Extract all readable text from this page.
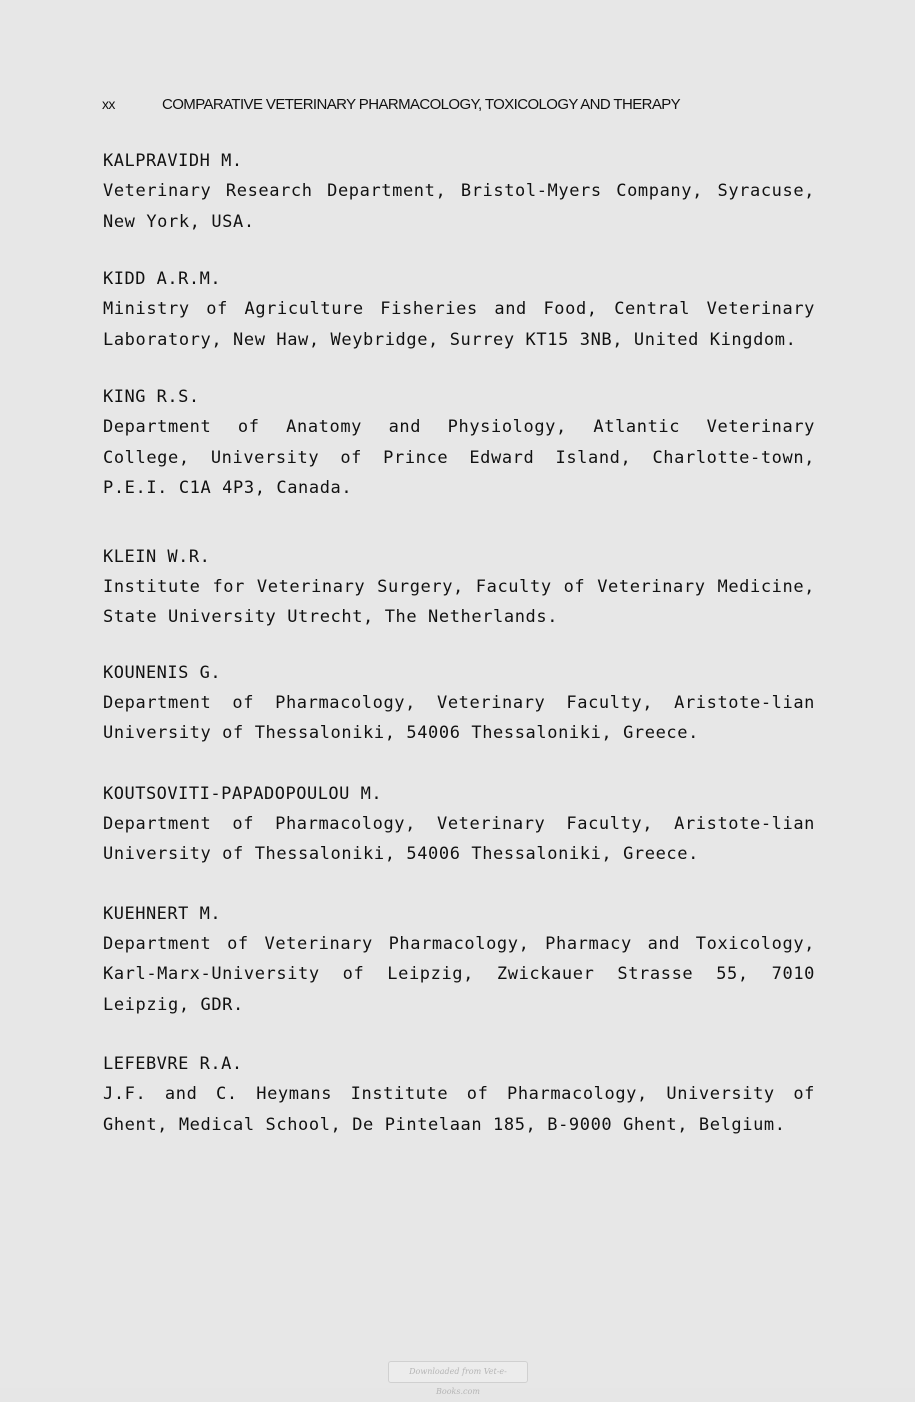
xx	COMPARATIVE VETERINARY PHARMACOLOGY, TOXICOLOGY AND THERAPY

KALPRAVIDH M.

Veterinary Research Department, Bristol-Myers Company, Syracuse, New York, USA.

KIDD A.R.M.

Ministry of Agriculture Fisheries and Food, Central Veterinary Laboratory, New Haw, Weybridge, Surrey KT15 3NB, United Kingdom.

KING R.S.

Department of Anatomy and Physiology, Atlantic Veterinary College, University of Prince Edward Island, Charlotte-town, P.E.I. C1A 4P3, Canada.

KLEIN W.R.

Institute for Veterinary Surgery, Faculty of Veterinary Medicine, State University Utrecht, The Netherlands.

KOUNENIS G.

Department of Pharmacology, Veterinary Faculty, Aristote-lian University of Thessaloniki, 54006 Thessaloniki, Greece.

KOUTSOVITI-PAPADOPOULOU M.

Department of Pharmacology, Veterinary Faculty, Aristote-lian University of Thessaloniki, 54006 Thessaloniki, Greece.

KUEHNERT M.

Department of Veterinary Pharmacology, Pharmacy and Toxicology, Karl-Marx-University of Leipzig, Zwickauer Strasse 55, 7010 Leipzig, GDR.

LEFEBVRE R.A.

J.F. and C. Heymans Institute of Pharmacology, University of Ghent, Medical School, De Pintelaan 185, B-9000 Ghent, Belgium.

Downloaded from Vet-e-Books.com
